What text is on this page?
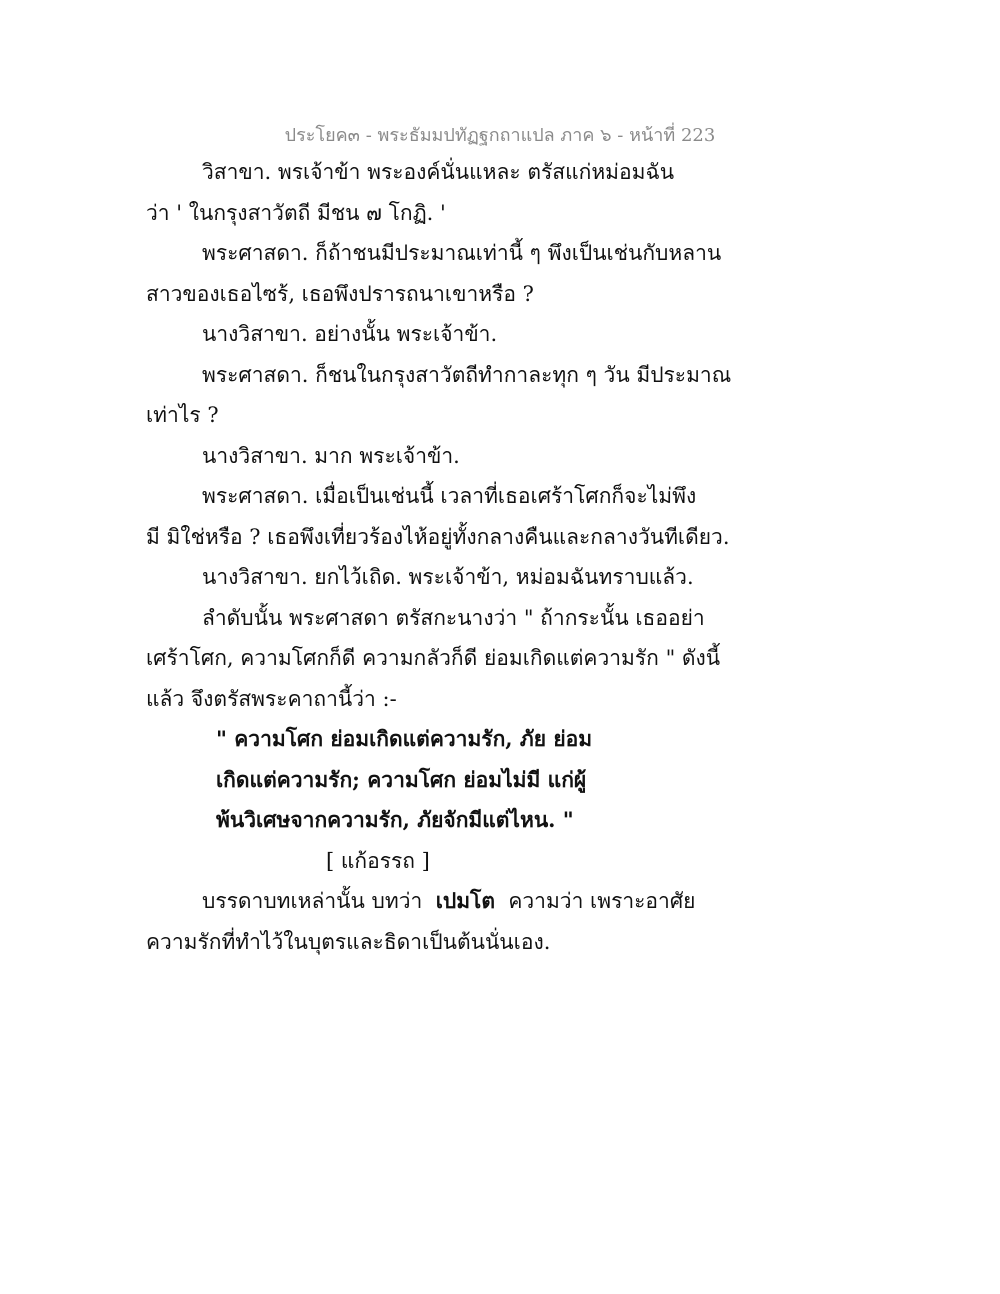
ประโยค๓ - พระธัมมปทัฏฐกถาแปล ภาค ๖ - หน้าที่ 223
วิสาขา. พรเจ้าข้า พระองค์นั่นแหละ ตรัสแก่หม่อมฉัน
ว่า ' ในกรุงสาวัตถี มีชน ๗ โกฏิ. '
พระศาสดา. ก็ถ้าชนมีประมาณเท่านี้ ๆ พึงเป็นเช่นกับหลาน
สาวของเธอไซร้, เธอพึงปรารถนาเขาหรือ ?
นางวิสาขา. อย่างนั้น พระเจ้าข้า.
พระศาสดา. ก็ชนในกรุงสาวัตถีทำกาละทุก ๆ วัน มีประมาณ
เท่าไร ?
นางวิสาขา. มาก พระเจ้าข้า.
พระศาสดา. เมื่อเป็นเช่นนี้ เวลาที่เธอเศร้าโศกก็จะไม่พึง
มี มิใช่หรือ ? เธอพึงเที่ยวร้องไห้อยู่ทั้งกลางคืนและกลางวันทีเดียว.
นางวิสาขา. ยกไว้เถิด. พระเจ้าข้า, หม่อมฉันทราบแล้ว.
ลำดับนั้น พระศาสดา ตรัสกะนางว่า " ถ้ากระนั้น เธออย่า
เศร้าโศก, ความโศกก็ดี ความกลัวก็ดี ย่อมเกิดแต่ความรัก " ดังนี้
แล้ว จึงตรัสพระคาถานี้ว่า :-
" ความโศก ย่อมเกิดแต่ความรัก, ภัย ย่อม
เกิดแต่ความรัก; ความโศก ย่อมไม่มี แก่ผู้
พ้นวิเศษจากความรัก, ภัยจักมีแต่ไหน. "
[ แก้อรรถ ]
บรรดาบทเหล่านั้น บทว่า เปมโต ความว่า เพราะอาศัย
ความรักที่ทำไว้ในบุตรและธิดาเป็นต้นนั่นเอง.
